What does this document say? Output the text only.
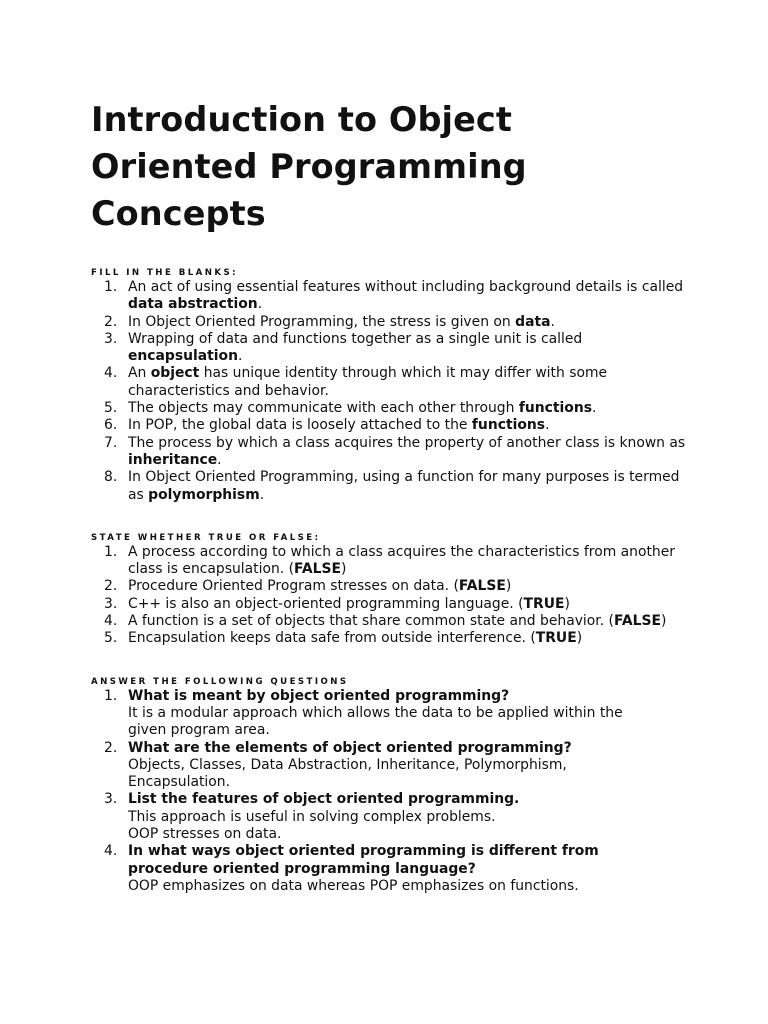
Introduction to Object Oriented Programming Concepts
FILL IN THE BLANKS:
1. An act of using essential features without including background details is called data abstraction.
2. In Object Oriented Programming, the stress is given on data.
3. Wrapping of data and functions together as a single unit is called encapsulation.
4. An object has unique identity through which it may differ with some characteristics and behavior.
5. The objects may communicate with each other through functions.
6. In POP, the global data is loosely attached to the functions.
7. The process by which a class acquires the property of another class is known as inheritance.
8. In Object Oriented Programming, using a function for many purposes is termed as polymorphism.
STATE WHETHER TRUE OR FALSE:
1. A process according to which a class acquires the characteristics from another class is encapsulation. (FALSE)
2. Procedure Oriented Program stresses on data. (FALSE)
3. C++ is also an object-oriented programming language. (TRUE)
4. A function is a set of objects that share common state and behavior. (FALSE)
5. Encapsulation keeps data safe from outside interference. (TRUE)
ANSWER THE FOLLOWING QUESTIONS
1. What is meant by object oriented programming?
It is a modular approach which allows the data to be applied within the given program area.
2. What are the elements of object oriented programming?
Objects, Classes, Data Abstraction, Inheritance, Polymorphism, Encapsulation.
3. List the features of object oriented programming.
This approach is useful in solving complex problems.
OOP stresses on data.
4. In what ways object oriented programming is different from procedure oriented programming language?
OOP emphasizes on data whereas POP emphasizes on functions.
